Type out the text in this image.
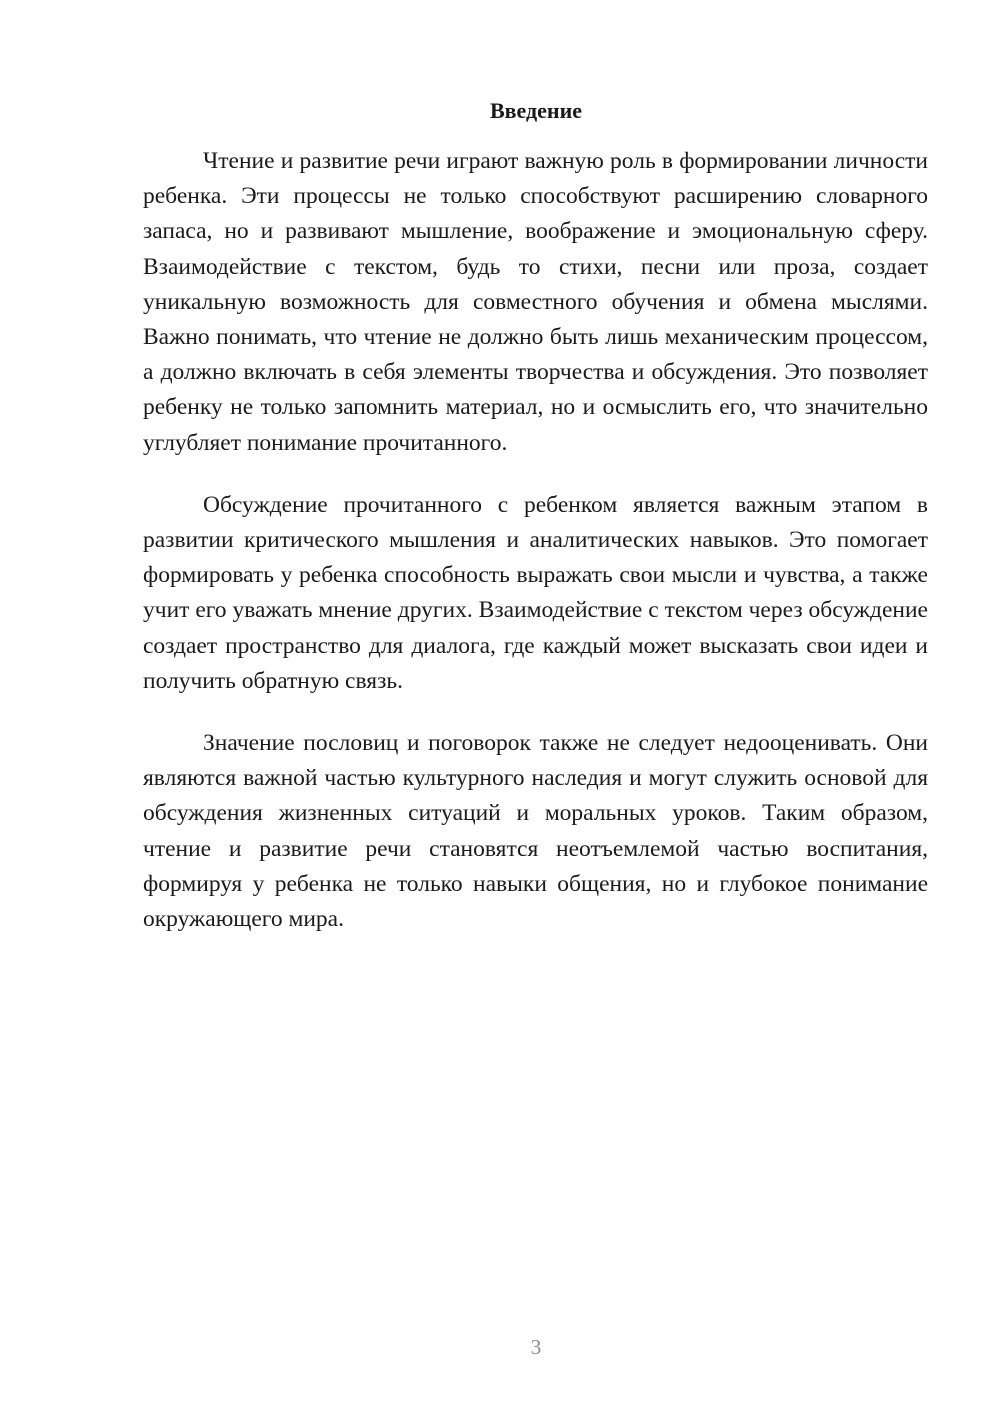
Введение

Чтение и развитие речи играют важную роль в формировании личности ребенка. Эти процессы не только способствуют расширению словарного запаса, но и развивают мышление, воображение и эмоциональную сферу. Взаимодействие с текстом, будь то стихи, песни или проза, создает уникальную возможность для совместного обучения и обмена мыслями. Важно понимать, что чтение не должно быть лишь механическим процессом, а должно включать в себя элементы творчества и обсуждения. Это позволяет ребенку не только запомнить материал, но и осмыслить его, что значительно углубляет понимание прочитанного.

Обсуждение прочитанного с ребенком является важным этапом в развитии критического мышления и аналитических навыков. Это помогает формировать у ребенка способность выражать свои мысли и чувства, а также учит его уважать мнение других. Взаимодействие с текстом через обсуждение создает пространство для диалога, где каждый может высказать свои идеи и получить обратную связь.

Значение пословиц и поговорок также не следует недооценивать. Они являются важной частью культурного наследия и могут служить основой для обсуждения жизненных ситуаций и моральных уроков. Таким образом, чтение и развитие речи становятся неотъемлемой частью воспитания, формируя у ребенка не только навыки общения, но и глубокое понимание окружающего мира.

3
